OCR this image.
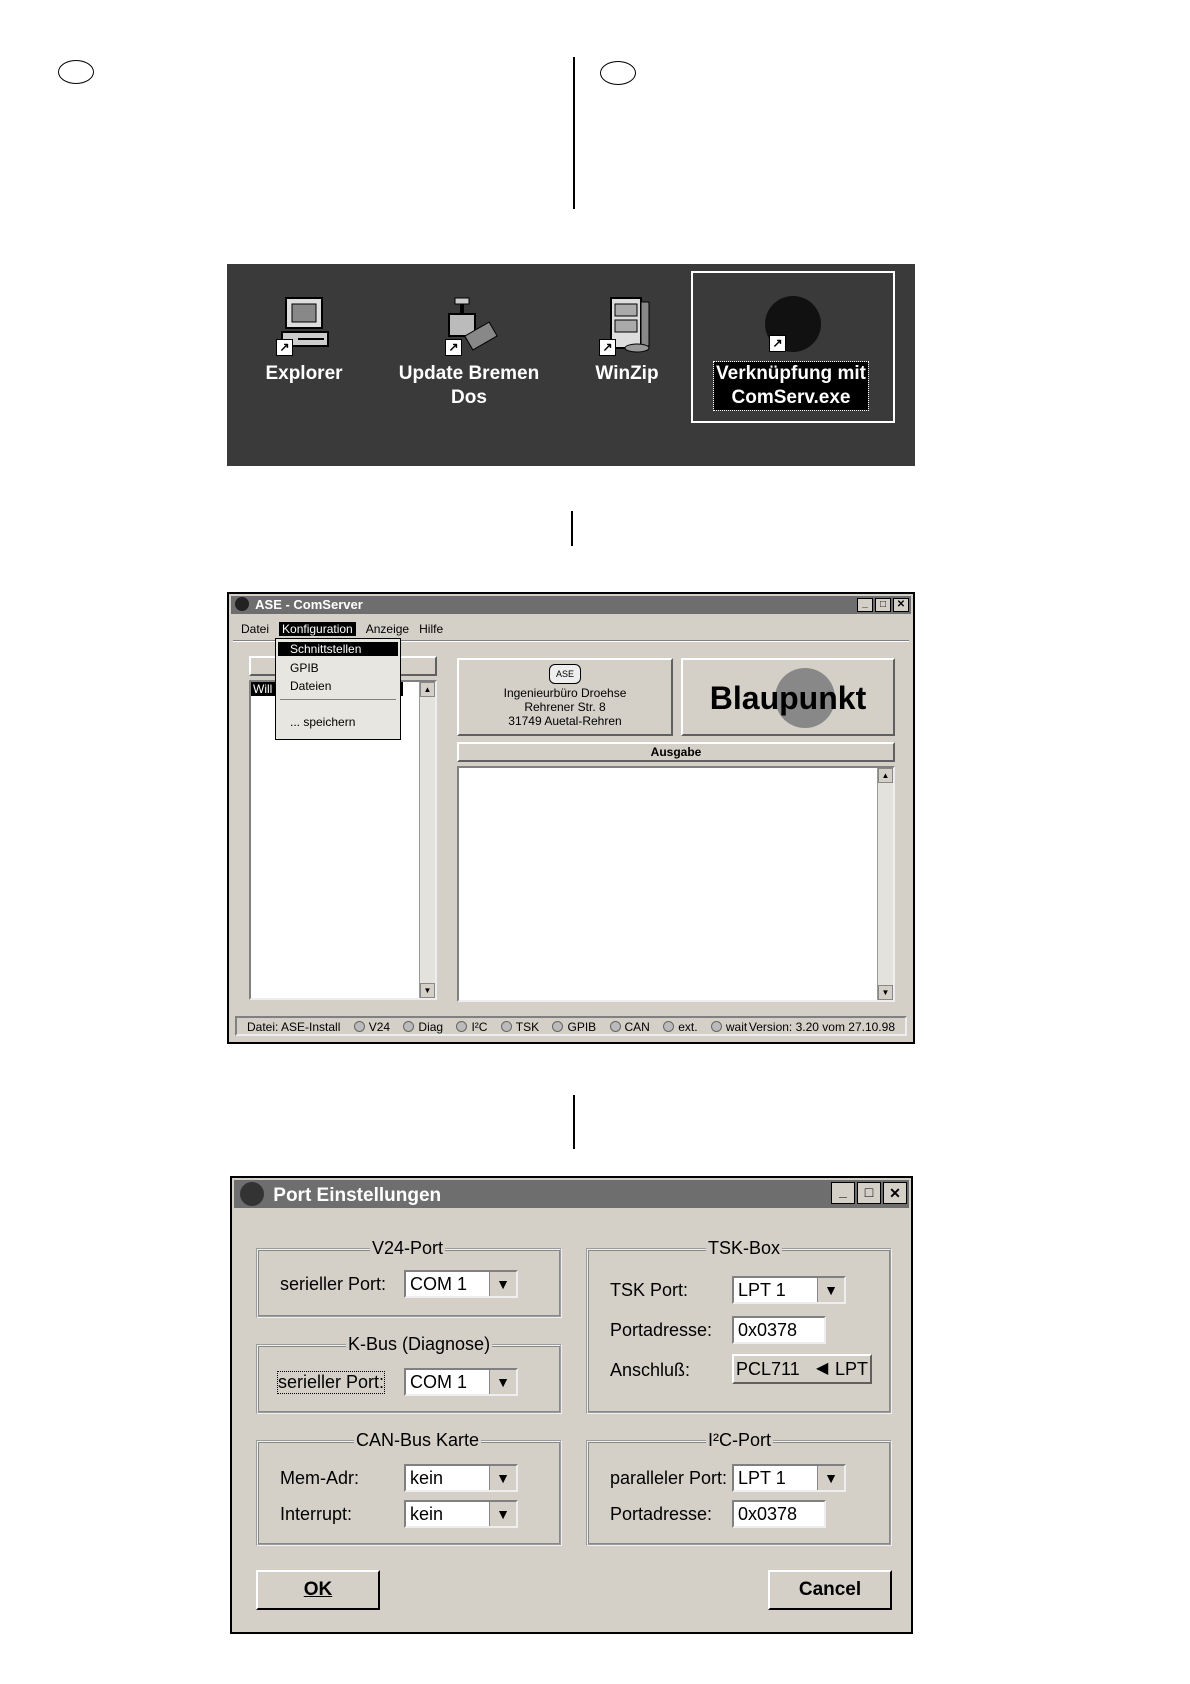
↗
Explorer
↗
Update Bremen
Dos
↗
WinZip
↗
Verknüpfung mit
ComServ.exe
ASE - ComServer	_	□	✕
Datei Konfiguration Anzeige Hilfe
Will	▲
▼
Schnittstellen
GPIB
Dateien
... speichern
ASE
Ingenieurbüro Droehse
Rehrener Str. 8
31749 Auetal-Rehren
Blaupunkt
Ausgabe
▲
▼
Datei: ASE-Install V24 Diag I²C TSK GPIB CAN ext. wait Version: 3.20 vom 27.10.98
Port Einstellungen	_	□	✕
V24-Port
serieller Port:	COM 1	▼
K-Bus (Diagnose)
serieller Port:	COM 1	▼
CAN-Bus Karte
Mem-Adr:	kein	▼
Interrupt:	kein	▼
TSK-Box
TSK Port:	LPT 1	▼
Portadresse:	0x0378
Anschluß:	PCL711 ◀ LPT
I²C-Port
paralleler Port: LPT 1	▼
Portadresse:	0x0378
OK	Cancel
